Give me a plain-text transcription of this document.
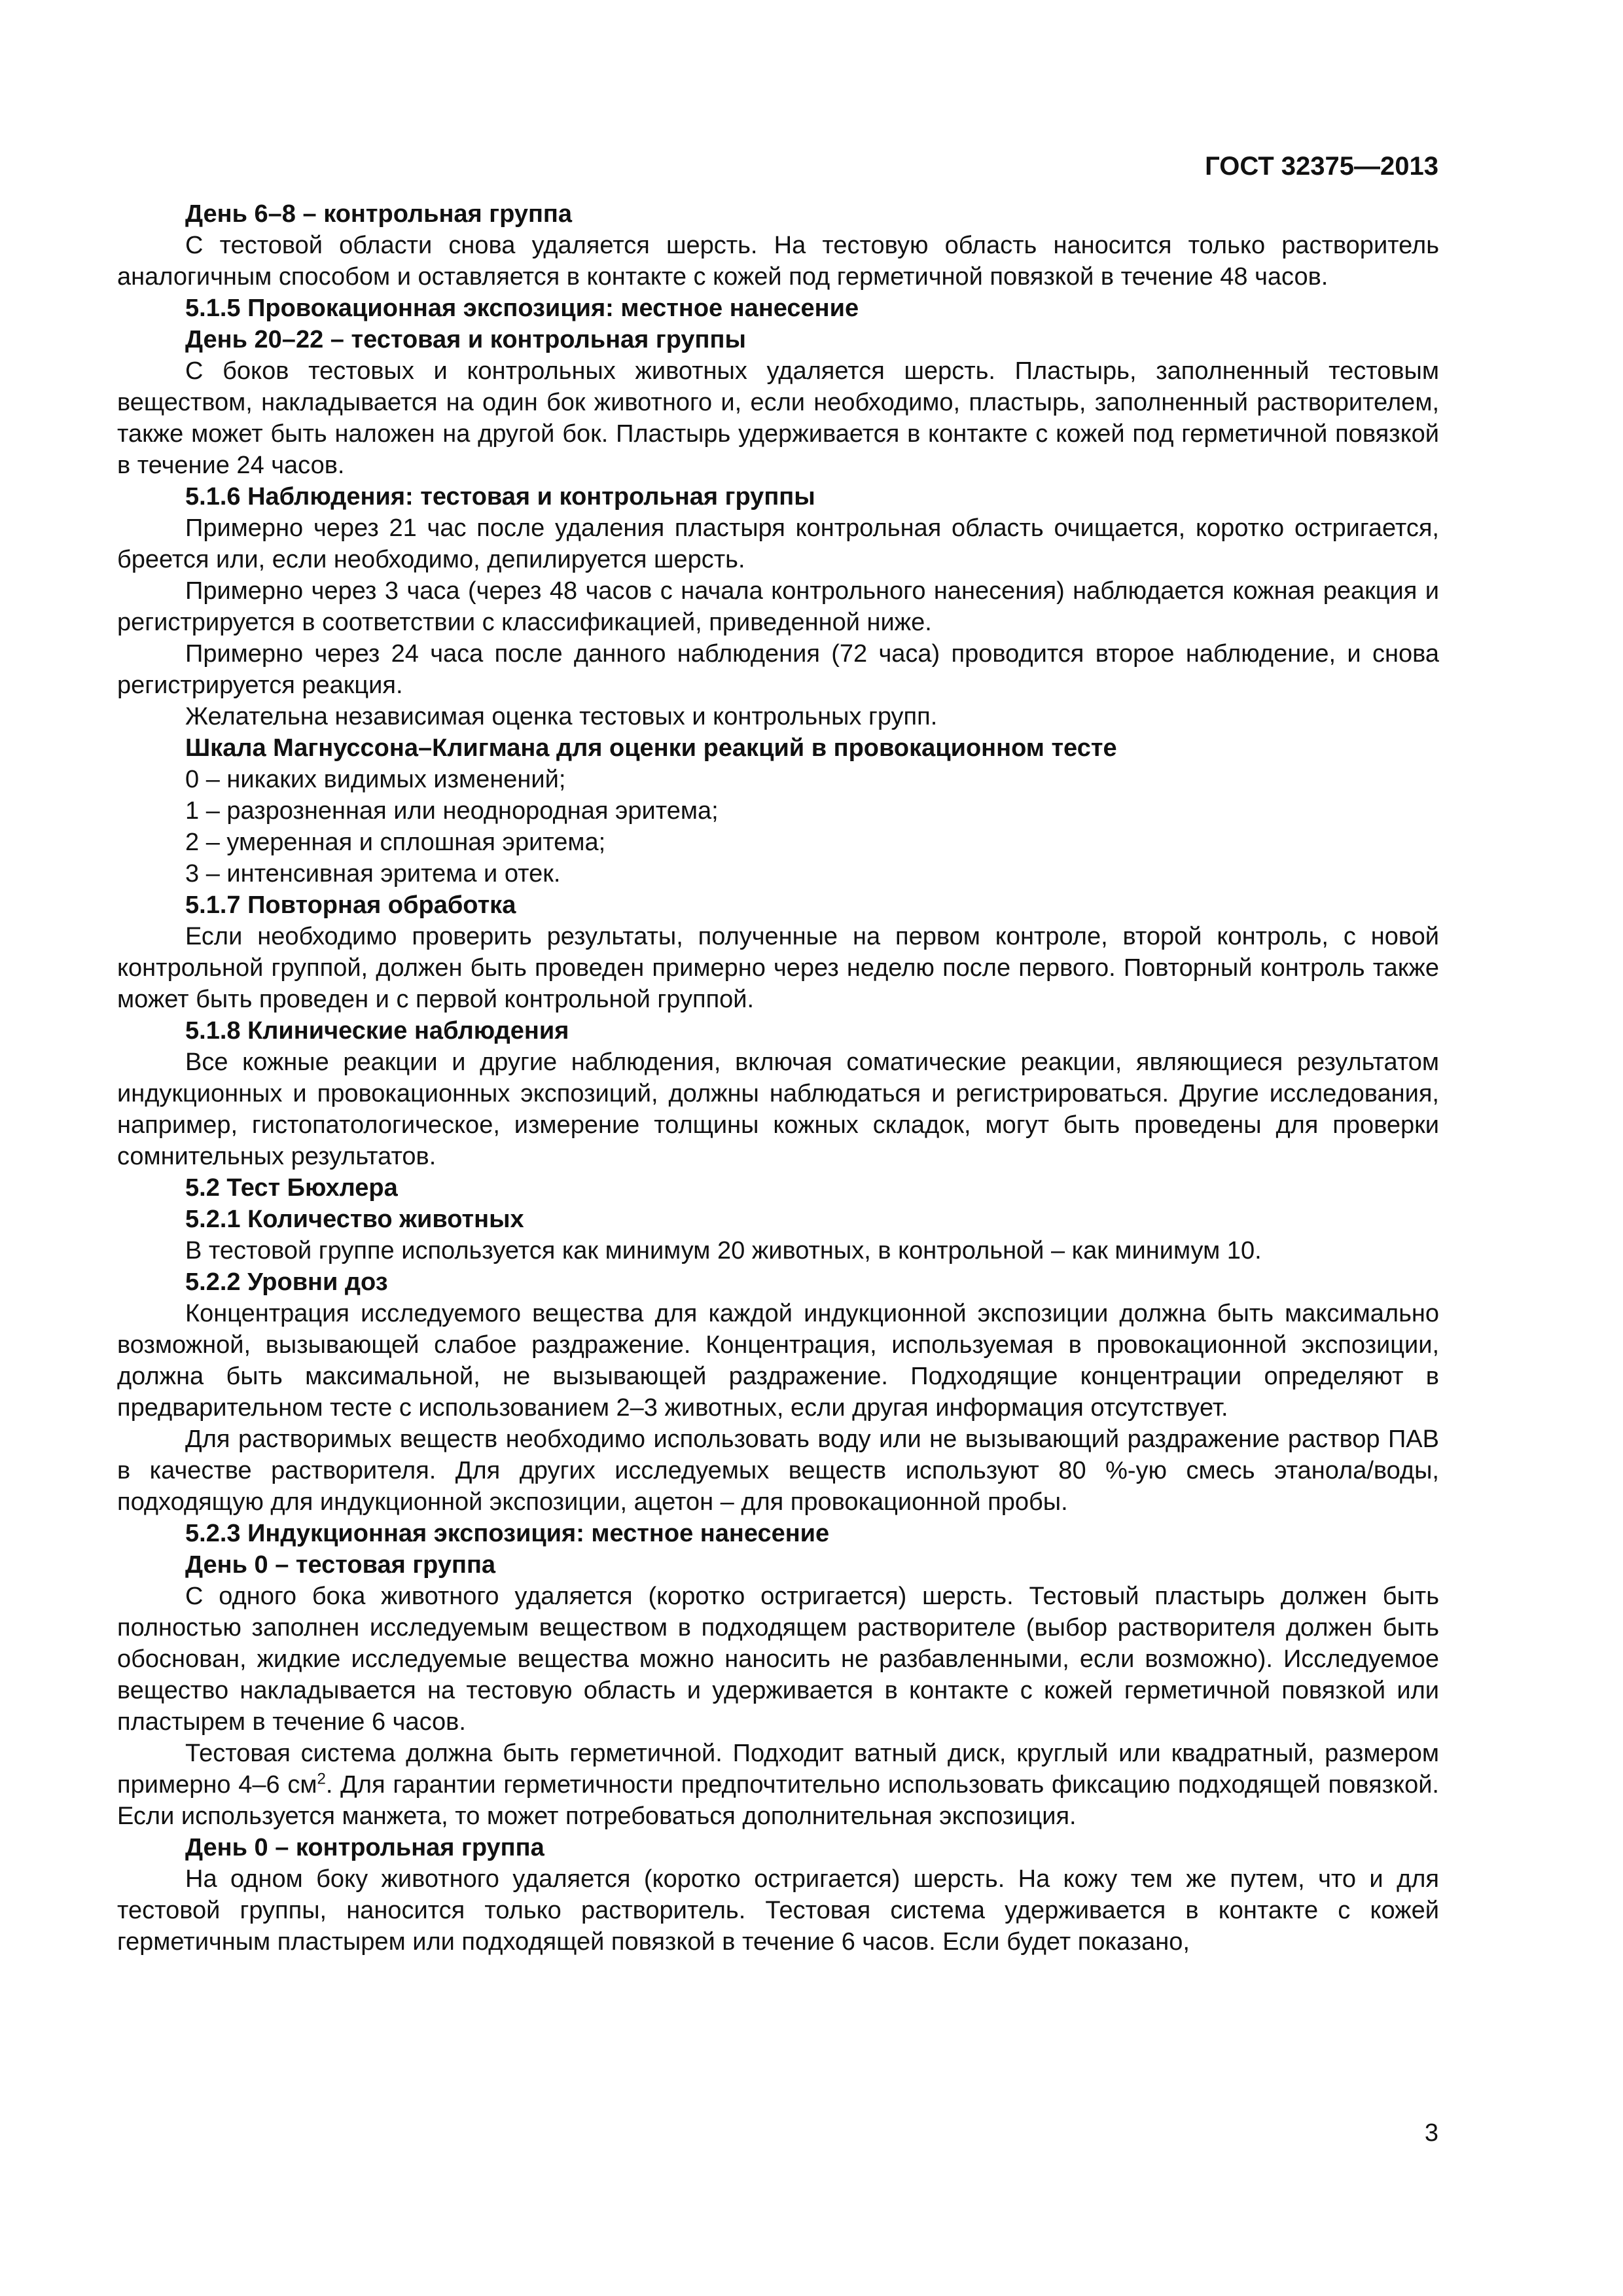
ГОСТ 32375—2013

День 6–8 – контрольная группа

С тестовой области снова удаляется шерсть. На тестовую область наносится только растворитель аналогичным способом и оставляется в контакте с кожей под герметичной повязкой в течение 48 часов.

5.1.5 Провокационная экспозиция: местное нанесение

День 20–22 – тестовая и контрольная группы

С боков тестовых и контрольных животных удаляется шерсть. Пластырь, заполненный тестовым веществом, накладывается на один бок животного и, если необходимо, пластырь, заполненный растворителем, также может быть наложен на другой бок. Пластырь удерживается в контакте с кожей под герметичной повязкой в течение 24 часов.

5.1.6 Наблюдения: тестовая и контрольная группы

Примерно через 21 час после удаления пластыря контрольная область очищается, коротко остригается, бреется или, если необходимо, депилируется шерсть.

Примерно через 3 часа (через 48 часов с начала контрольного нанесения) наблюдается кожная реакция и регистрируется в соответствии с классификацией, приведенной ниже.

Примерно через 24 часа после данного наблюдения (72 часа) проводится второе наблюдение, и снова регистрируется реакция.

Желательна независимая оценка тестовых и контрольных групп.

Шкала Магнуссона–Клигмана для оценки реакций в провокационном тесте

0 – никаких видимых изменений;

1 – разрозненная или неоднородная эритема;

2 – умеренная и сплошная эритема;

3 – интенсивная эритема и отек.

5.1.7 Повторная обработка

Если необходимо проверить результаты, полученные на первом контроле, второй контроль, с новой контрольной группой, должен быть проведен примерно через неделю после первого. Повторный контроль также может быть проведен и с первой контрольной группой.

5.1.8 Клинические наблюдения

Все кожные реакции и другие наблюдения, включая соматические реакции, являющиеся результатом индукционных и провокационных экспозиций, должны наблюдаться и регистрироваться. Другие исследования, например, гистопатологическое, измерение толщины кожных складок, могут быть проведены для проверки сомнительных результатов.

5.2 Тест Бюхлера

5.2.1 Количество животных

В тестовой группе используется как минимум 20 животных, в контрольной – как минимум 10.

5.2.2 Уровни доз

Концентрация исследуемого вещества для каждой индукционной экспозиции должна быть максимально возможной, вызывающей слабое раздражение. Концентрация, используемая в провокационной экспозиции, должна быть максимальной, не вызывающей раздражение. Подходящие концентрации определяют в предварительном тесте с использованием 2–3 животных, если другая информация отсутствует.

Для растворимых веществ необходимо использовать воду или не вызывающий раздражение раствор ПАВ в качестве растворителя. Для других исследуемых веществ используют 80 %-ую смесь этанола/воды, подходящую для индукционной экспозиции, ацетон – для провокационной пробы.

5.2.3 Индукционная экспозиция: местное нанесение

День 0 – тестовая группа

С одного бока животного удаляется (коротко остригается) шерсть. Тестовый пластырь должен быть полностью заполнен исследуемым веществом в подходящем растворителе (выбор растворителя должен быть обоснован, жидкие исследуемые вещества можно наносить не разбавленными, если возможно). Исследуемое вещество накладывается на тестовую область и удерживается в контакте с кожей герметичной повязкой или пластырем в течение 6 часов.

Тестовая система должна быть герметичной. Подходит ватный диск, круглый или квадратный, размером примерно 4–6 $см^2$. Для гарантии герметичности предпочтительно использовать фиксацию подходящей повязкой. Если используется манжета, то может потребоваться дополнительная экспозиция.

День 0 – контрольная группа

На одном боку животного удаляется (коротко остригается) шерсть. На кожу тем же путем, что и для тестовой группы, наносится только растворитель. Тестовая система удерживается в контакте с кожей герметичным пластырем или подходящей повязкой в течение 6 часов. Если будет показано,

3
